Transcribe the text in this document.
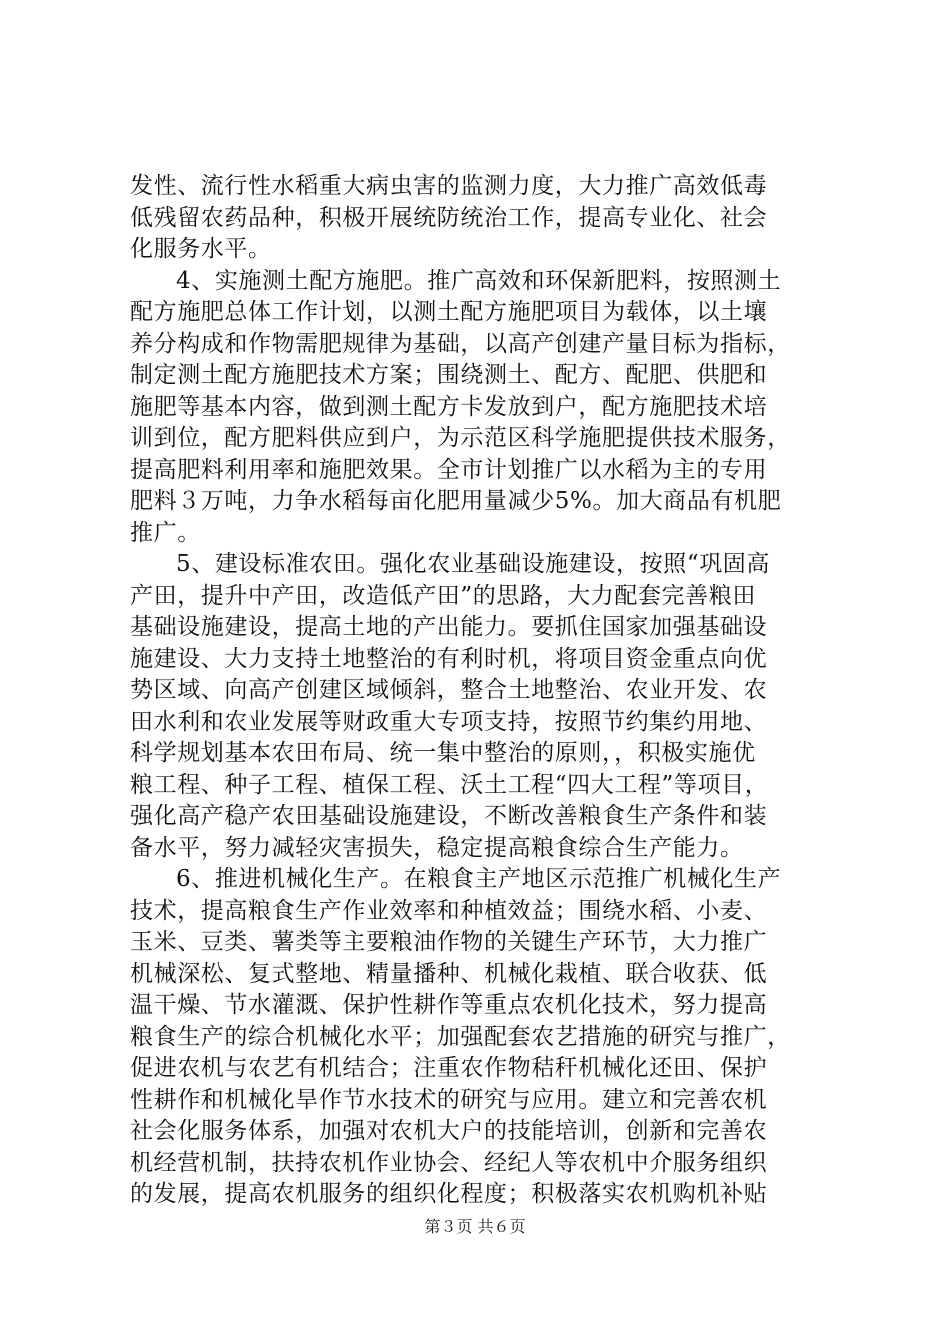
发性、流行性水稻重大病虫害的监测力度，大力推广高效低毒
低残留农药品种，积极开展统防统治工作，提高专业化、社会
化服务水平。
4、实施测土配方施肥。推广高效和环保新肥料，按照测土
配方施肥总体工作计划，以测土配方施肥项目为载体，以土壤
养分构成和作物需肥规律为基础，以高产创建产量目标为指标，
制定测土配方施肥技术方案；围绕测土、配方、配肥、供肥和
施肥等基本内容，做到测土配方卡发放到户，配方施肥技术培
训到位，配方肥料供应到户，为示范区科学施肥提供技术服务，
提高肥料利用率和施肥效果。全市计划推广以水稻为主的专用
肥料３万吨，力争水稻每亩化肥用量减少5%。加大商品有机肥
推广。
5、建设标准农田。强化农业基础设施建设，按照“巩固高
产田，提升中产田，改造低产田”的思路，大力配套完善粮田
基础设施建设，提高土地的产出能力。要抓住国家加强基础设
施建设、大力支持土地整治的有利时机，将项目资金重点向优
势区域、向高产创建区域倾斜，整合土地整治、农业开发、农
田水利和农业发展等财政重大专项支持，按照节约集约用地、
科学规划基本农田布局、统一集中整治的原则，，积极实施优
粮工程、种子工程、植保工程、沃土工程“四大工程”等项目，
强化高产稳产农田基础设施建设，不断改善粮食生产条件和装
备水平，努力减轻灾害损失，稳定提高粮食综合生产能力。
6、推进机械化生产。在粮食主产地区示范推广机械化生产
技术，提高粮食生产作业效率和种植效益；围绕水稻、小麦、
玉米、豆类、薯类等主要粮油作物的关键生产环节，大力推广
机械深松、复式整地、精量播种、机械化栽植、联合收获、低
温干燥、节水灌溉、保护性耕作等重点农机化技术，努力提高
粮食生产的综合机械化水平；加强配套农艺措施的研究与推广，
促进农机与农艺有机结合；注重农作物秸秆机械化还田、保护
性耕作和机械化旱作节水技术的研究与应用。建立和完善农机
社会化服务体系，加强对农机大户的技能培训，创新和完善农
机经营机制，扶持农机作业协会、经纪人等农机中介服务组织
的发展，提高农机服务的组织化程度；积极落实农机购机补贴
第３页 共６页
